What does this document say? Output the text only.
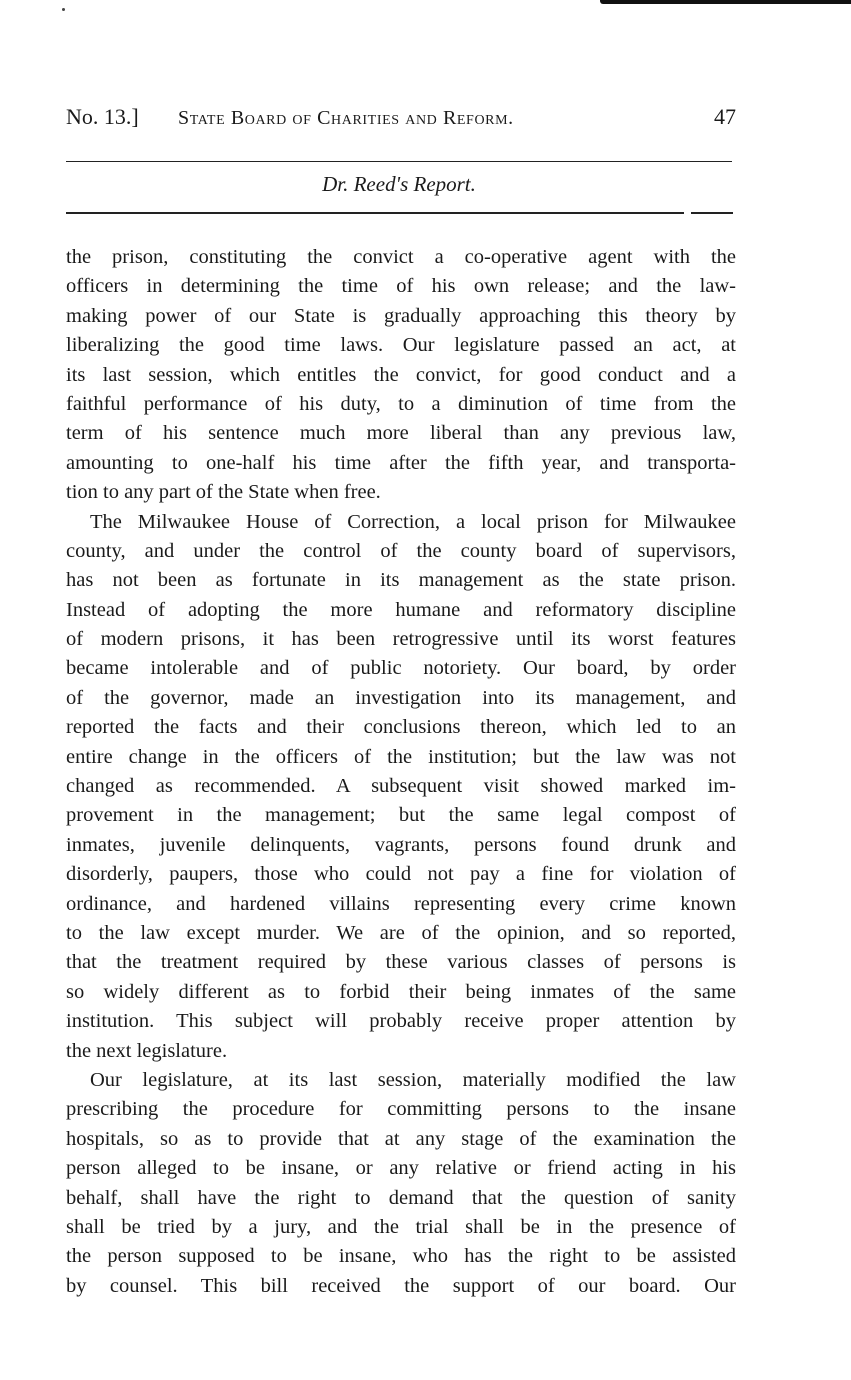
No. 13.]	State Board of Charities and Reform.	47
Dr. Reed's Report.
the prison, constituting the convict a co-operative agent with the
officers in determining the time of his own release; and the law-
making power of our State is gradually approaching this theory by
liberalizing the good time laws. Our legislature passed an act, at
its last session, which entitles the convict, for good conduct and a
faithful performance of his duty, to a diminution of time from the
term of his sentence much more liberal than any previous law,
amounting to one-half his time after the fifth year, and transporta-
tion to any part of the State when free.
The Milwaukee House of Correction, a local prison for Milwaukee
county, and under the control of the county board of supervisors,
has not been as fortunate in its management as the state prison.
Instead of adopting the more humane and reformatory discipline
of modern prisons, it has been retrogressive until its worst features
became intolerable and of public notoriety. Our board, by order
of the governor, made an investigation into its management, and
reported the facts and their conclusions thereon, which led to an
entire change in the officers of the institution; but the law was not
changed as recommended. A subsequent visit showed marked im-
provement in the management; but the same legal compost of
inmates, juvenile delinquents, vagrants, persons found drunk and
disorderly, paupers, those who could not pay a fine for violation of
ordinance, and hardened villains representing every crime known
to the law except murder. We are of the opinion, and so reported,
that the treatment required by these various classes of persons is
so widely different as to forbid their being inmates of the same
institution. This subject will probably receive proper attention by
the next legislature.
Our legislature, at its last session, materially modified the law
prescribing the procedure for committing persons to the insane
hospitals, so as to provide that at any stage of the examination the
person alleged to be insane, or any relative or friend acting in his
behalf, shall have the right to demand that the question of sanity
shall be tried by a jury, and the trial shall be in the presence of
the person supposed to be insane, who has the right to be assisted
by counsel. This bill received the support of our board. Our
